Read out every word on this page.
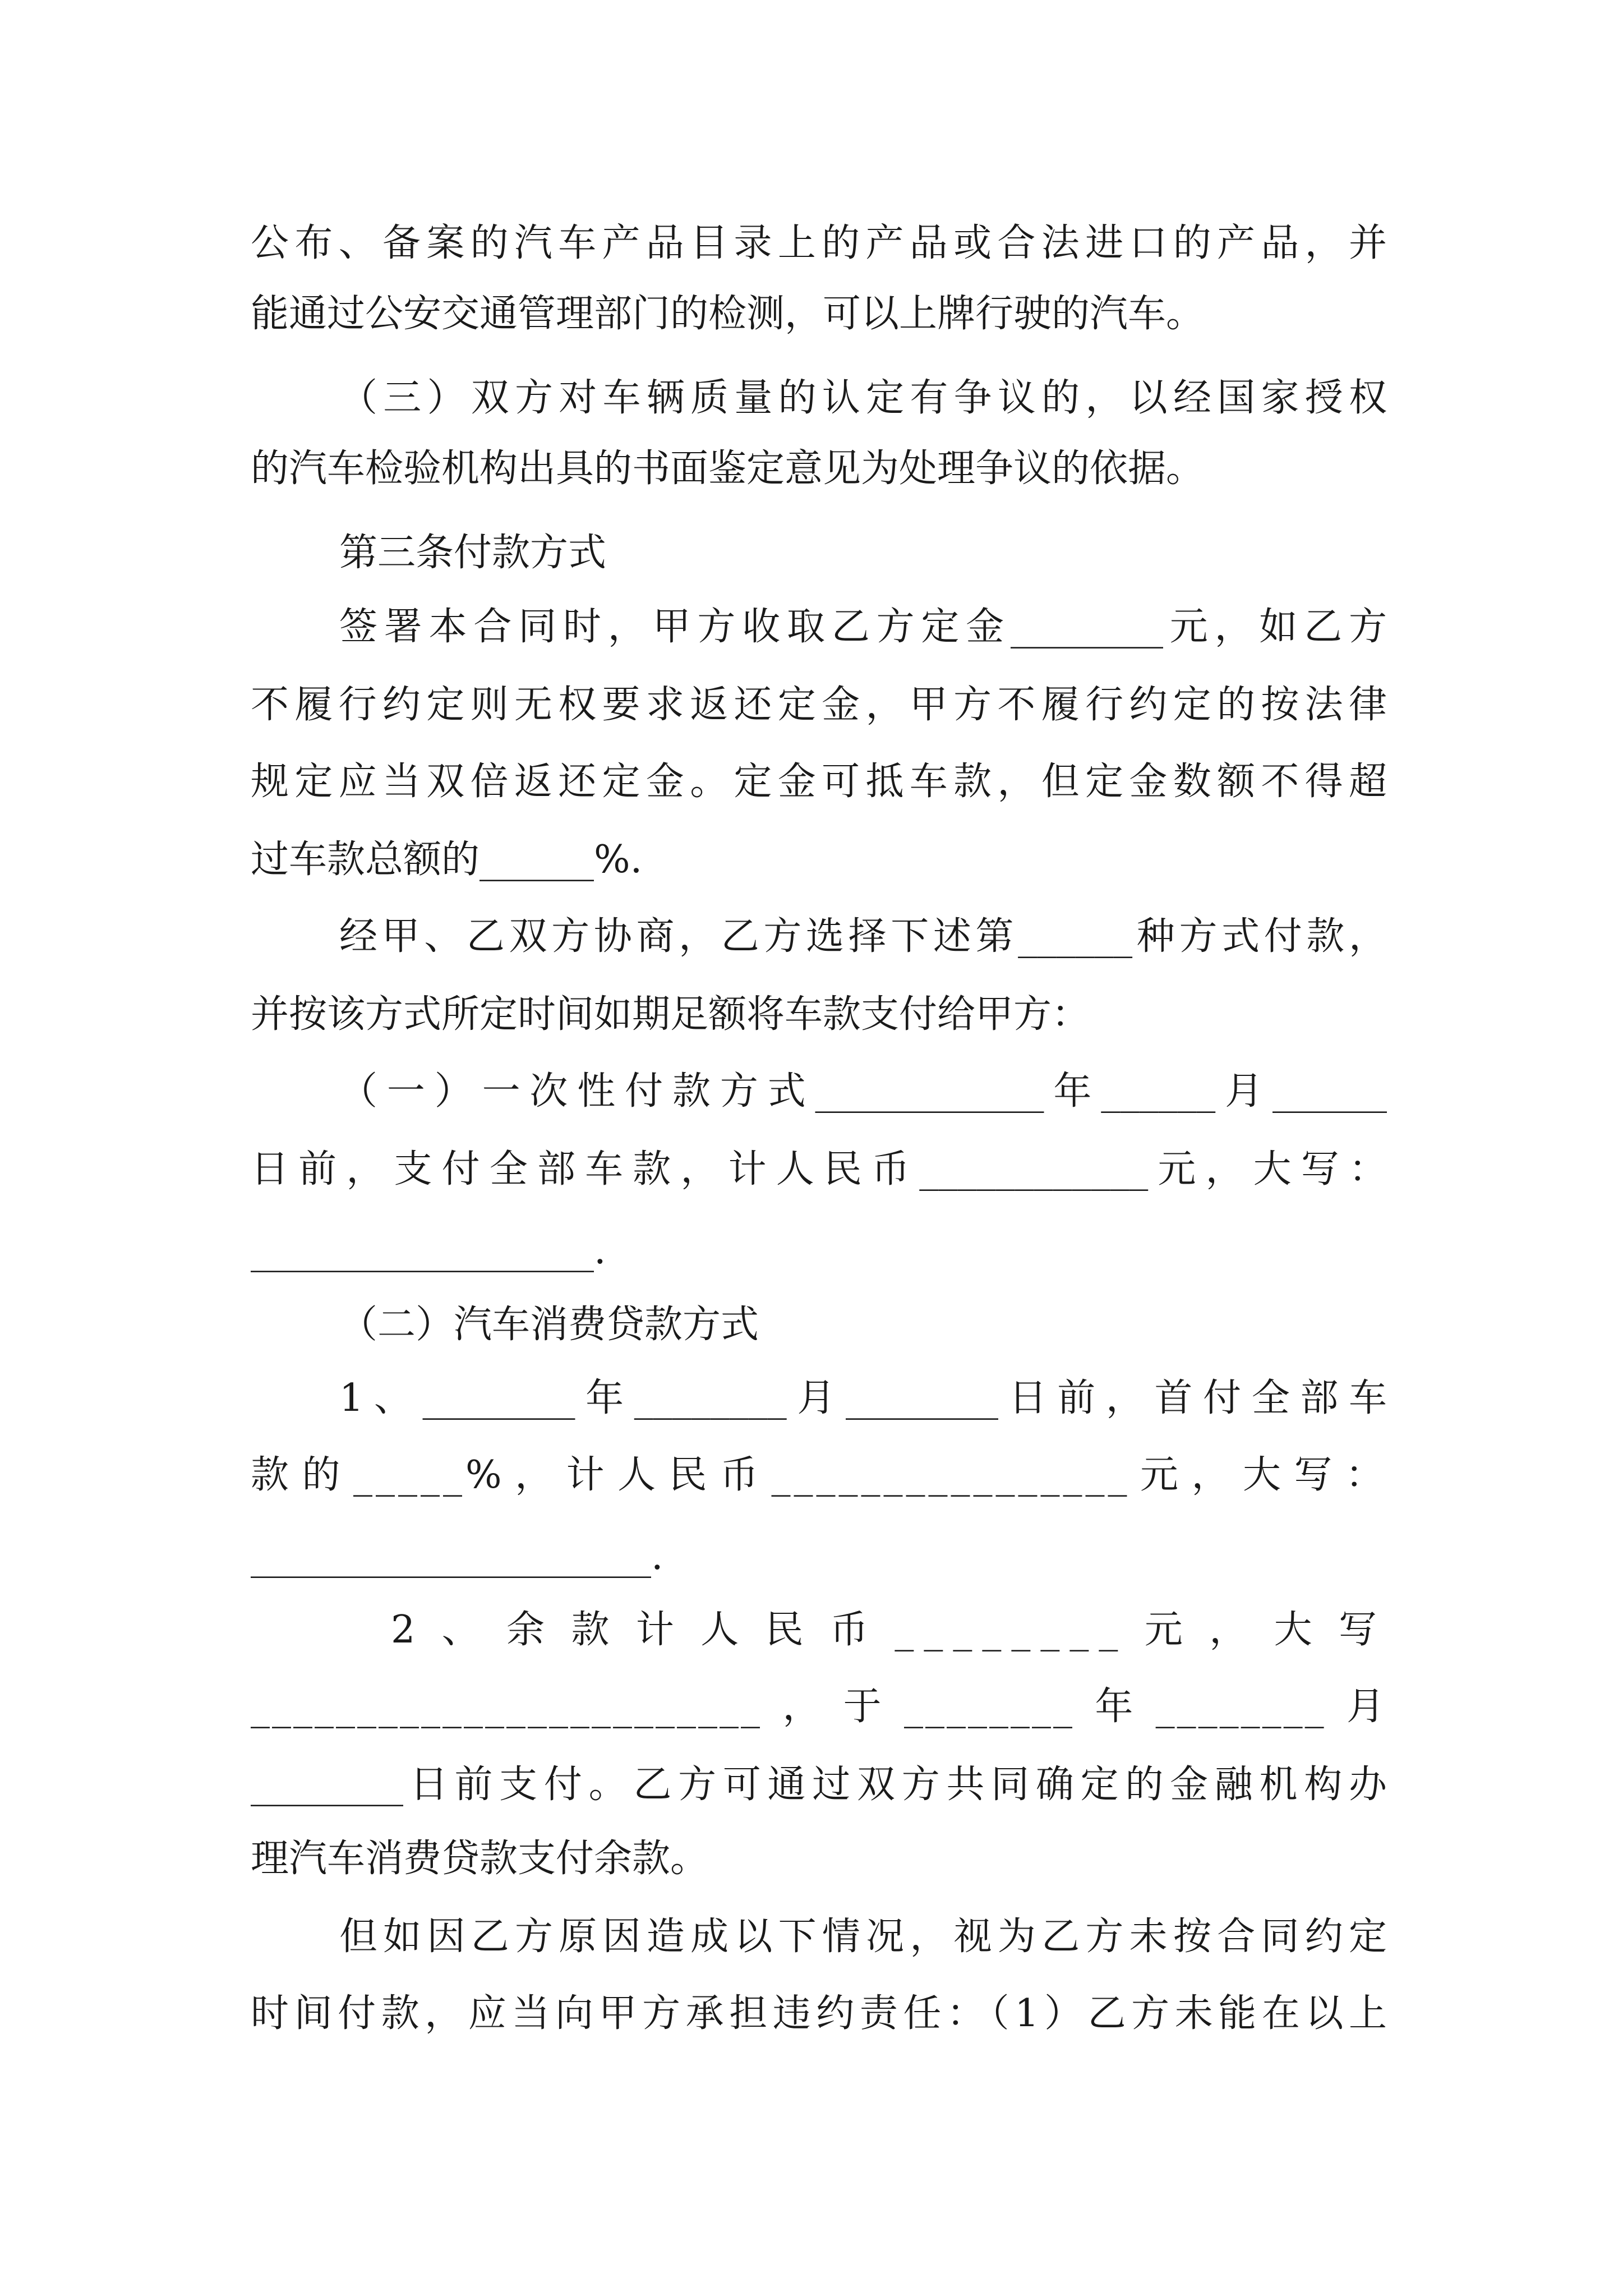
公布、备案的汽车产品目录上的产品或合法进口的产品，并
能通过公安交通管理部门的检测，可以上牌行驶的汽车。
（三）双方对车辆质量的认定有争议的，以经国家授权
的汽车检验机构出具的书面鉴定意见为处理争议的依据。
第三条付款方式
签署本合同时，甲方收取乙方定金________元，如乙方
不履行约定则无权要求返还定金，甲方不履行约定的按法律
规定应当双倍返还定金。定金可抵车款，但定金数额不得超
过车款总额的______%.
经甲、乙双方协商，乙方选择下述第______种方式付款，
并按该方式所定时间如期足额将车款支付给甲方：
（一）一次性付款方式____________年______月______
日前，支付全部车款，计人民币____________元，大写：
__________________.
（二）汽车消费贷款方式
1、________年________月________日前，首付全部车
款的_____%，计人民币________________元，大写：
_____________________.
2、余款计人民币________元，大写
________________________，于________年________月
________日前支付。乙方可通过双方共同确定的金融机构办
理汽车消费贷款支付余款。
但如因乙方原因造成以下情况，视为乙方未按合同约定
时间付款，应当向甲方承担违约责任：（1）乙方未能在以上
